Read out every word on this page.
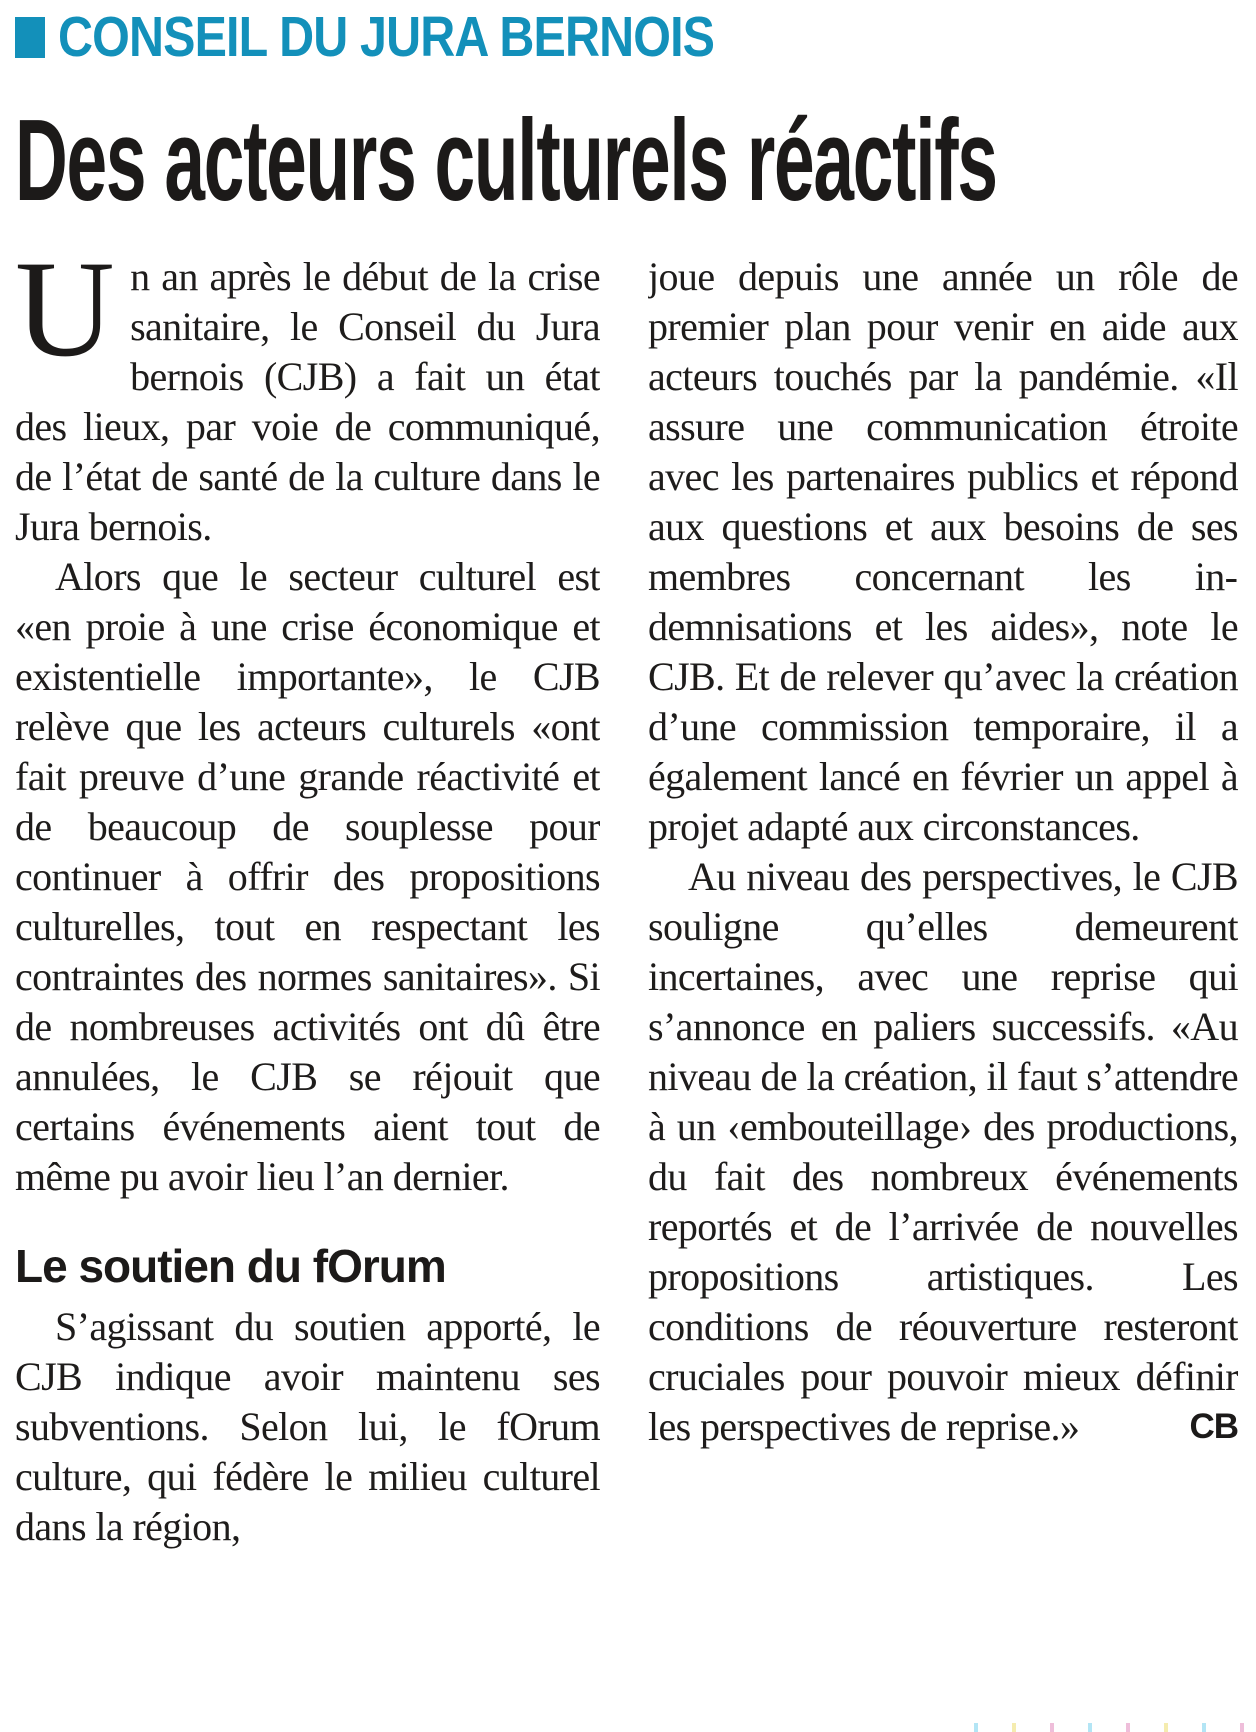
CONSEIL DU JURA BERNOIS
Des acteurs culturels réactifs

Un an après le début de la crise sanitaire, le Conseil du Jura bernois (CJB) a fait un état des lieux, par voie de communiqué, de l’état de santé de la culture dans le Jura bernois.

Alors que le secteur culturel est «en proie à une crise économique et existentielle importante», le CJB relève que les acteurs culturels «ont fait preuve d’une grande réactivité et de beaucoup de souplesse pour continuer à offrir des propositions culturelles, tout en respectant les contraintes des normes sanitaires». Si de nombreuses activités ont dû être annulées, le CJB se réjouit que certains événements aient tout de même pu avoir lieu l’an dernier.

Le soutien du fOrum

S’agissant du soutien apporté, le CJB indique avoir maintenu ses subventions. Selon lui, le fOrum culture, qui fédère le milieu culturel dans la région,

joue depuis une année un rôle de premier plan pour venir en aide aux acteurs touchés par la pandémie. «Il assure une communication étroite avec les partenaires publics et répond aux questions et aux besoins de ses membres concernant les indemnisations et les aides», note le CJB. Et de relever qu’avec la création d’une commission temporaire, il a également lancé en février un appel à projet adapté aux circonstances.

Au niveau des perspectives, le CJB souligne qu’elles demeurent incertaines, avec une reprise qui s’annonce en paliers successifs. «Au niveau de la création, il faut s’attendre à un ‹embouteillage› des productions, du fait des nombreux événements reportés et de l’arrivée de nouvelles propositions artistiques. Les conditions de réouverture resteront cruciales pour pouvoir mieux définir les perspectives de reprise.»	CB
